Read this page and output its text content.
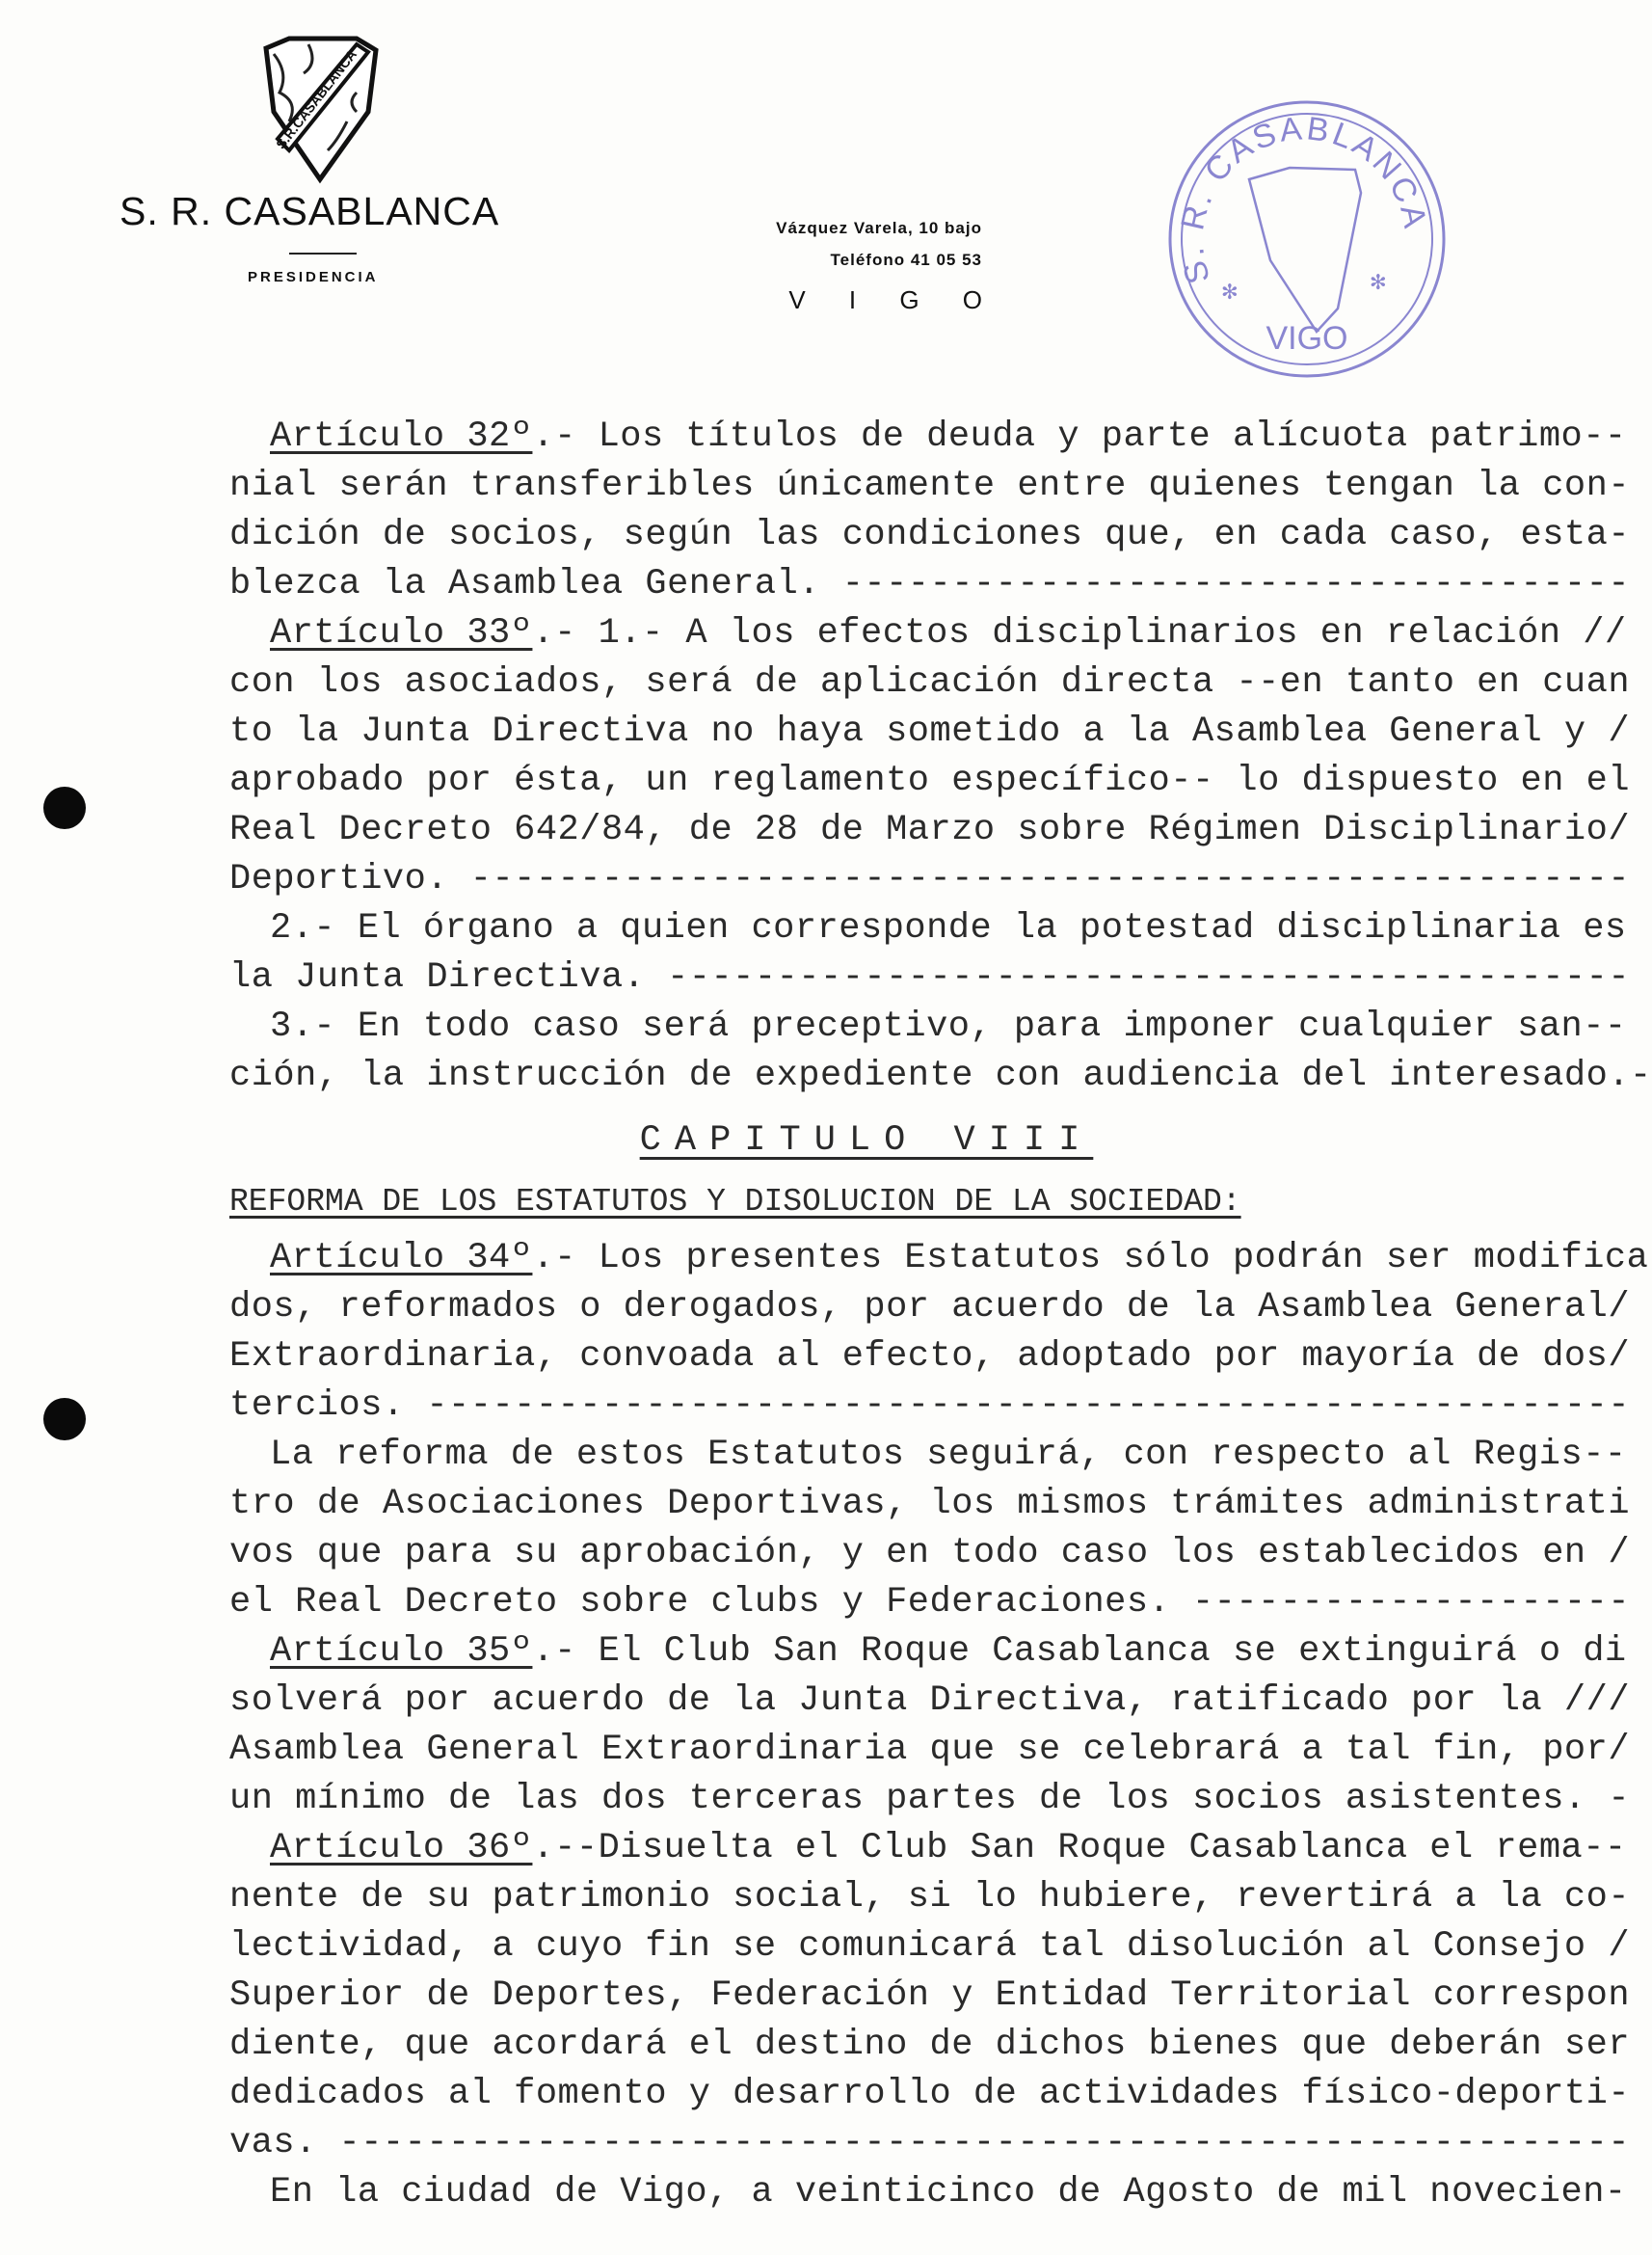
S.R.CASABLANCA
S. R. CASABLANCA
PRESIDENCIA
Vázquez Varela, 10 bajo
Teléfono 41 05 53
V I G O
S. R. CASABLANCA
✻	✻
VIGO
Artículo 32º.- Los títulos de deuda y parte alícuota patrimo--
nial serán transferibles únicamente entre quienes tengan la con-
dición de socios, según las condiciones que, en cada caso, esta-
blezca la Asamblea General. ------------------------------------
Artículo 33º.- 1.- A los efectos disciplinarios en relación //
con los asociados, será de aplicación directa --en tanto en cuan
to la Junta Directiva no haya sometido a la Asamblea General y /
aprobado por ésta, un reglamento específico-- lo dispuesto en el
Real Decreto 642/84, de 28 de Marzo sobre Régimen Disciplinario/
Deportivo. -----------------------------------------------------
2.- El órgano a quien corresponde la potestad disciplinaria es
la Junta Directiva. --------------------------------------------
3.- En todo caso será preceptivo, para imponer cualquier san--
ción, la instrucción de expediente con audiencia del interesado.-
CAPITULO VIII
REFORMA DE LOS ESTATUTOS Y DISOLUCION DE LA SOCIEDAD:
Artículo 34º.- Los presentes Estatutos sólo podrán ser modifica
dos, reformados o derogados, por acuerdo de la Asamblea General/
Extraordinaria, convoada al efecto, adoptado por mayoría de dos/
tercios. -------------------------------------------------------
La reforma de estos Estatutos seguirá, con respecto al Regis--
tro de Asociaciones Deportivas, los mismos trámites administrati
vos que para su aprobación, y en todo caso los establecidos en /
el Real Decreto sobre clubs y Federaciones. --------------------
Artículo 35º.- El Club San Roque Casablanca se extinguirá o di
solverá por acuerdo de la Junta Directiva, ratificado por la ///
Asamblea General Extraordinaria que se celebrará a tal fin, por/
un mínimo de las dos terceras partes de los socios asistentes. -
Artículo 36º.--Disuelta el Club San Roque Casablanca el rema--
nente de su patrimonio social, si lo hubiere, revertirá a la co-
lectividad, a cuyo fin se comunicará tal disolución al Consejo /
Superior de Deportes, Federación y Entidad Territorial correspon
diente, que acordará el destino de dichos bienes que deberán ser
dedicados al fomento y desarrollo de actividades físico-deporti-
vas. -----------------------------------------------------------
En la ciudad de Vigo, a veinticinco de Agosto de mil novecien-
